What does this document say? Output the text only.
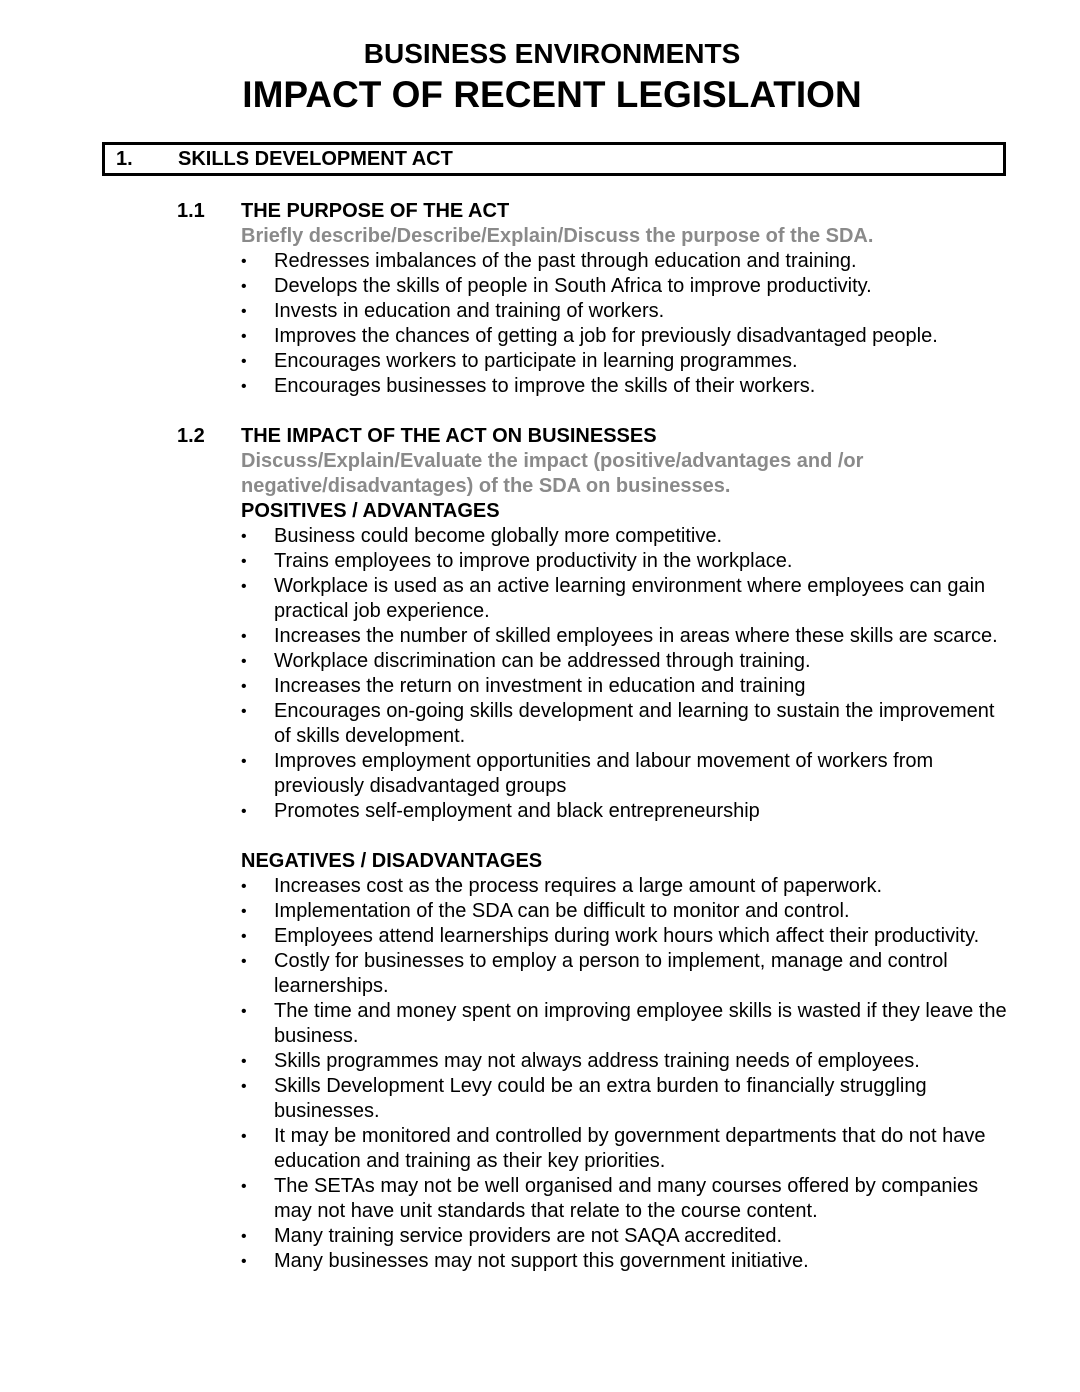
BUSINESS ENVIRONMENTS
IMPACT OF RECENT LEGISLATION
1. SKILLS DEVELOPMENT ACT
1.1 THE PURPOSE OF THE ACT
Briefly describe/Describe/Explain/Discuss the purpose of the SDA.
• Redresses imbalances of the past through education and training.
• Develops the skills of people in South Africa to improve productivity.
• Invests in education and training of workers.
• Improves the chances of getting a job for previously disadvantaged people.
• Encourages workers to participate in learning programmes.
• Encourages businesses to improve the skills of their workers.
1.2 THE IMPACT OF THE ACT ON BUSINESSES
Discuss/Explain/Evaluate the impact (positive/advantages and /or negative/disadvantages) of the SDA on businesses.
POSITIVES / ADVANTAGES
• Business could become globally more competitive.
• Trains employees to improve productivity in the workplace.
• Workplace is used as an active learning environment where employees can gain practical job experience.
• Increases the number of skilled employees in areas where these skills are scarce.
• Workplace discrimination can be addressed through training.
• Increases the return on investment in education and training
• Encourages on-going skills development and learning to sustain the improvement of skills development.
• Improves employment opportunities and labour movement of workers from previously disadvantaged groups
• Promotes self-employment and black entrepreneurship
NEGATIVES / DISADVANTAGES
• Increases cost as the process requires a large amount of paperwork.
• Implementation of the SDA can be difficult to monitor and control.
• Employees attend learnerships during work hours which affect their productivity.
• Costly for businesses to employ a person to implement, manage and control learnerships.
• The time and money spent on improving employee skills is wasted if they leave the business.
• Skills programmes may not always address training needs of employees.
• Skills Development Levy could be an extra burden to financially struggling businesses.
• It may be monitored and controlled by government departments that do not have education and training as their key priorities.
• The SETAs may not be well organised and many courses offered by companies may not have unit standards that relate to the course content.
• Many training service providers are not SAQA accredited.
• Many businesses may not support this government initiative.
